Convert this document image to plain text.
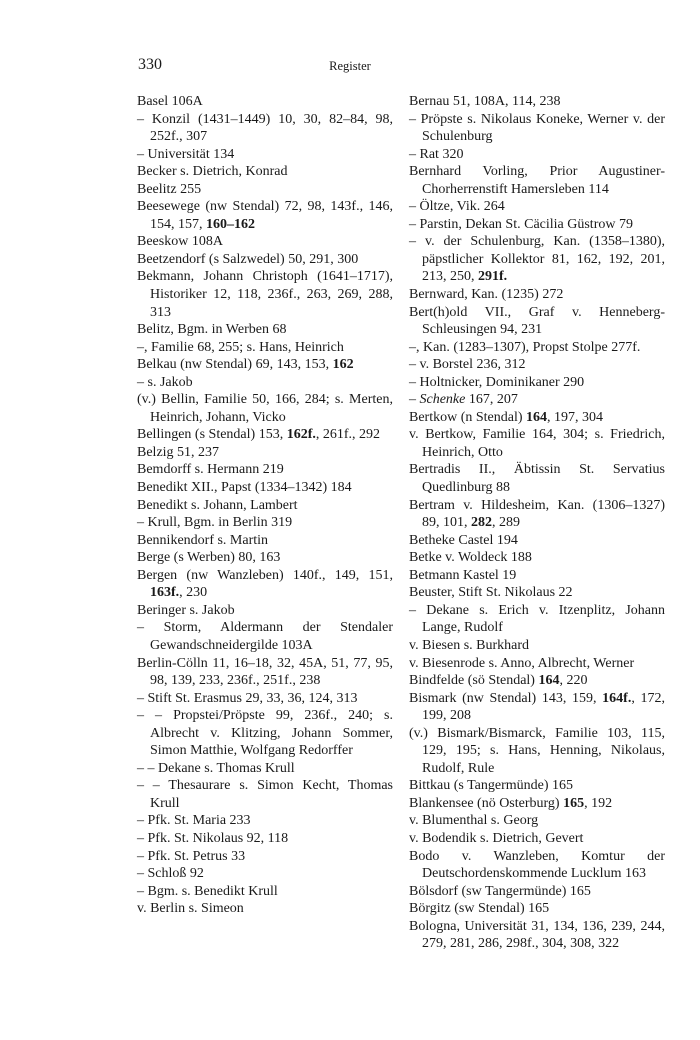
330	Register
Basel 106A
– Konzil (1431–1449) 10, 30, 82–84, 98, 252f., 307
– Universität 134
Becker s. Dietrich, Konrad
Beelitz 255
Beesewege (nw Stendal) 72, 98, 143f., 146, 154, 157, 160–162
Beeskow 108A
Beetzendorf (s Salzwedel) 50, 291, 300
Bekmann, Johann Christoph (1641–1717), Historiker 12, 118, 236f., 263, 269, 288, 313
Belitz, Bgm. in Werben 68
–, Familie 68, 255; s. Hans, Heinrich
Belkau (nw Stendal) 69, 143, 153, 162
– s. Jakob
(v.) Bellin, Familie 50, 166, 284; s. Merten, Heinrich, Johann, Vicko
Bellingen (s Stendal) 153, 162f., 261f., 292
Belzig 51, 237
Bemdorff s. Hermann 219
Benedikt XII., Papst (1334–1342) 184
Benedikt s. Johann, Lambert
– Krull, Bgm. in Berlin 319
Bennikendorf s. Martin
Berge (s Werben) 80, 163
Bergen (nw Wanzleben) 140f., 149, 151, 163f., 230
Beringer s. Jakob
– Storm, Aldermann der Stendaler Gewandschneidergilde 103A
Berlin-Cölln 11, 16–18, 32, 45A, 51, 77, 95, 98, 139, 233, 236f., 251f., 238
– Stift St. Erasmus 29, 33, 36, 124, 313
– – Propstei/Pröpste 99, 236f., 240; s. Albrecht v. Klitzing, Johann Sommer, Simon Matthie, Wolfgang Redorffer
– – Dekane s. Thomas Krull
– – Thesaurare s. Simon Kecht, Thomas Krull
– Pfk. St. Maria 233
– Pfk. St. Nikolaus 92, 118
– Pfk. St. Petrus 33
– Schloß 92
– Bgm. s. Benedikt Krull
v. Berlin s. Simeon
Bernau 51, 108A, 114, 238
– Pröpste s. Nikolaus Koneke, Werner v. der Schulenburg
– Rat 320
Bernhard Vorling, Prior Augustiner-Chorherrenstift Hamersleben 114
– Öltze, Vik. 264
– Parstin, Dekan St. Cäcilia Güstrow 79
– v. der Schulenburg, Kan. (1358–1380), päpstlicher Kollektor 81, 162, 192, 201, 213, 250, 291f.
Bernward, Kan. (1235) 272
Bert(h)old VII., Graf v. Henneberg-Schleusingen 94, 231
–, Kan. (1283–1307), Propst Stolpe 277f.
– v. Borstel 236, 312
– Holtnicker, Dominikaner 290
– Schenke 167, 207
Bertkow (n Stendal) 164, 197, 304
v. Bertkow, Familie 164, 304; s. Friedrich, Heinrich, Otto
Bertradis II., Äbtissin St. Servatius Quedlinburg 88
Bertram v. Hildesheim, Kan. (1306–1327) 89, 101, 282, 289
Betheke Castel 194
Betke v. Woldeck 188
Betmann Kastel 19
Beuster, Stift St. Nikolaus 22
– Dekane s. Erich v. Itzenplitz, Johann Lange, Rudolf
v. Biesen s. Burkhard
v. Biesenrode s. Anno, Albrecht, Werner
Bindfelde (sö Stendal) 164, 220
Bismark (nw Stendal) 143, 159, 164f., 172, 199, 208
(v.) Bismark/Bismarck, Familie 103, 115, 129, 195; s. Hans, Henning, Nikolaus, Rudolf, Rule
Bittkau (s Tangermünde) 165
Blankensee (nö Osterburg) 165, 192
v. Blumenthal s. Georg
v. Bodendik s. Dietrich, Gevert
Bodo v. Wanzleben, Komtur der Deutschordenskommende Lucklum 163
Bölsdorf (sw Tangermünde) 165
Börgitz (sw Stendal) 165
Bologna, Universität 31, 134, 136, 239, 244, 279, 281, 286, 298f., 304, 308, 322
